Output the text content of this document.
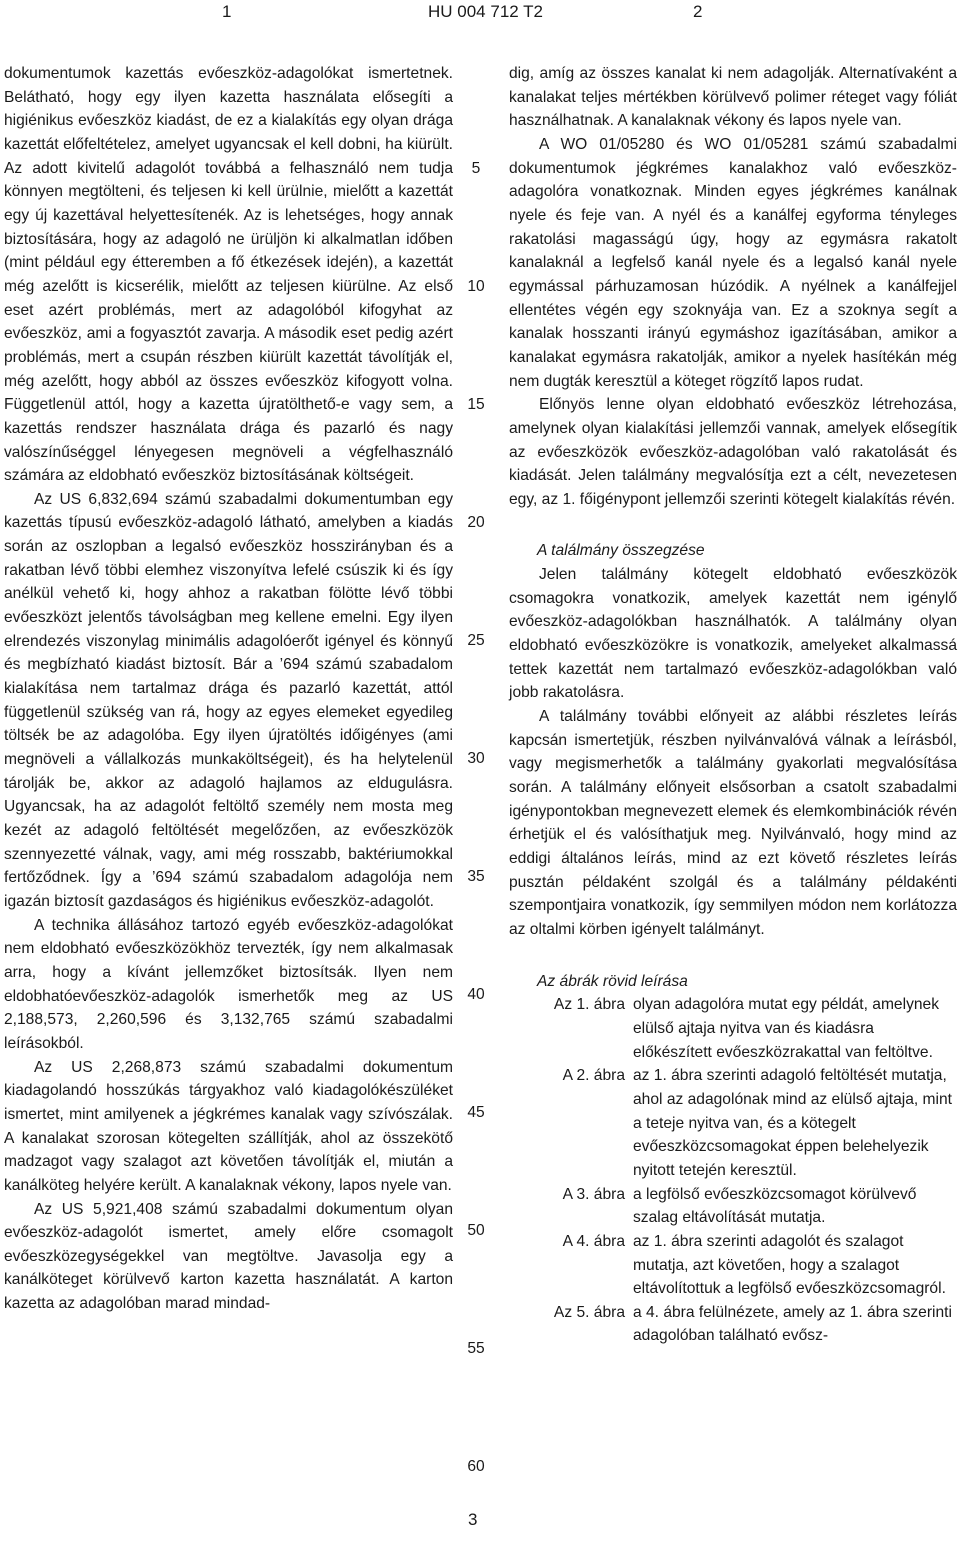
1	HU 004 712 T2	2

dokumentumok kazettás evőeszköz-adagolókat ismertetnek. Belátható, hogy egy ilyen kazetta használata elősegíti a higiénikus evőeszköz kiadást, de ez a kialakítás egy olyan drága kazettát előfeltételez, amelyet ugyancsak el kell dobni, ha kiürült. Az adott kivitelű adagolót továbbá a felhasználó nem tudja könnyen megtölteni, és teljesen ki kell ürülnie, mielőtt a kazettát egy új kazettával helyettesítenék. Az is lehetséges, hogy annak biztosítására, hogy az adagoló ne ürüljön ki alkalmatlan időben (mint például egy étteremben a fő étkezések idején), a kazettát még azelőtt is kicserélik, mielőtt az teljesen kiürülne. Az első eset azért problémás, mert az adagolóból kifogyhat az evőeszköz, ami a fogyasztót zavarja. A második eset pedig azért problémás, mert a csupán részben kiürült kazettát távolítják el, még azelőtt, hogy abból az összes evőeszköz kifogyott volna. Függetlenül attól, hogy a kazetta újratölthető-e vagy sem, a kazettás rendszer használata drága és pazarló és nagy valószínűséggel lényegesen megnöveli a végfelhasználó számára az eldobható evőeszköz biztosításának költségeit.

Az US 6,832,694 számú szabadalmi dokumentumban egy kazettás típusú evőeszköz-adagoló látható, amelyben a kiadás során az oszlopban a legalsó evőeszköz hosszirányban és a rakatban lévő többi elemhez viszonyítva lefelé csúszik ki és így anélkül vehető ki, hogy ahhoz a rakatban fölötte lévő többi evőeszközt jelentős távolságban meg kellene emelni. Egy ilyen elrendezés viszonylag minimális adagolóerőt igényel és könnyű és megbízható kiadást biztosít. Bár a ’694 számú szabadalom kialakítása nem tartalmaz drága és pazarló kazettát, attól függetlenül szükség van rá, hogy az egyes elemeket egyedileg töltsék be az adagolóba. Egy ilyen újratöltés időigényes (ami megnöveli a vállalkozás munkaköltségeit), és ha helytelenül tárolják be, akkor az adagoló hajlamos az eldugulásra. Ugyancsak, ha az adagolót feltöltő személy nem mosta meg kezét az adagoló feltöltését megelőzően, az evőeszközök szennyezetté válnak, vagy, ami még rosszabb, baktériumokkal fertőződnek. Így a ’694 számú szabadalom adagolója nem igazán biztosít gazdaságos és higiénikus evőeszköz-adagolót.

A technika állásához tartozó egyéb evőeszköz-adagolókat nem eldobható evőeszközökhöz tervezték, így nem alkalmasak arra, hogy a kívánt jellemzőket biztosítsák. Ilyen nem eldobhatóevőeszköz-adagolók ismerhetők meg az US 2,188,573, 2,260,596 és 3,132,765 számú szabadalmi leírásokból.

Az US 2,268,873 számú szabadalmi dokumentum kiadagolandó hosszúkás tárgyakhoz való kiadagolókészüléket ismertet, mint amilyenek a jégkrémes kanalak vagy szívószálak. A kanalakat szorosan kötegelten szállítják, ahol az összekötő madzagot vagy szalagot azt követően távolítják el, miután a kanálköteg helyére került. A kanalaknak vékony, lapos nyele van.

Az US 5,921,408 számú szabadalmi dokumentum olyan evőeszköz-adagolót ismertet, amely előre csomagolt evőeszközegységekkel van megtöltve. Javasolja egy a kanálköteget körülvevő karton kazetta használatát. A karton kazetta az adagolóban marad mindad-

5
10
15
20
25
30
35
40
45
50
55
60

dig, amíg az összes kanalat ki nem adagolják. Alternatívaként a kanalakat teljes mértékben körülvevő polimer réteget vagy fóliát használhatnak. A kanalaknak vékony és lapos nyele van.

A WO 01/05280 és WO 01/05281 számú szabadalmi dokumentumok jégkrémes kanalakhoz való evőeszköz-adagolóra vonatkoznak. Minden egyes jégkrémes kanálnak nyele és feje van. A nyél és a kanálfej egyforma tényleges rakatolási magasságú úgy, hogy az egymásra rakatolt kanalaknál a legfelső kanál nyele és a legalsó kanál nyele egymással párhuzamosan húzódik. A nyélnek a kanálfejjel ellentétes végén egy szoknyája van. Ez a szoknya segít a kanalak hosszanti irányú egymáshoz igazításában, amikor a kanalakat egymásra rakatolják, amikor a nyelek hasítékán még nem dugták keresztül a köteget rögzítő lapos rudat.

Előnyös lenne olyan eldobható evőeszköz létrehozása, amelynek olyan kialakítási jellemzői vannak, amelyek elősegítik az evőeszközök evőeszköz-adagolóban való rakatolását és kiadását. Jelen találmány megvalósítja ezt a célt, nevezetesen egy, az 1. főigénypont jellemzői szerinti kötegelt kialakítás révén.

A találmány összegzése

Jelen találmány kötegelt eldobható evőeszközök csomagokra vonatkozik, amelyek kazettát nem igénylő evőeszköz-adagolókban használhatók. A találmány olyan eldobható evőeszközökre is vonatkozik, amelyeket alkalmassá tettek kazettát nem tartalmazó evőeszköz-adagolókban való jobb rakatolásra.

A találmány további előnyeit az alábbi részletes leírás kapcsán ismertetjük, részben nyilvánvalóvá válnak a leírásból, vagy megismerhetők a találmány gyakorlati megvalósítása során. A találmány előnyeit elsősorban a csatolt szabadalmi igénypontokban megnevezett elemek és elemkombinációk révén érhetjük el és valósíthatjuk meg. Nyilvánvaló, hogy mind az eddigi általános leírás, mind az ezt követő részletes leírás pusztán példaként szolgál és a találmány példakénti szempontjaira vonatkozik, így semmilyen módon nem korlátozza az oltalmi körben igényelt találmányt.

Az ábrák rövid leírása
Az 1. ábra olyan adagolóra mutat egy példát, amelynek elülső ajtaja nyitva van és kiadásra előkészített evőeszközrakattal van feltöltve.
A 2. ábra az 1. ábra szerinti adagoló feltöltését mutatja, ahol az adagolónak mind az elülső ajtaja, mint a teteje nyitva van, és a kötegelt evőeszközcsomagokat éppen belehelyezik nyitott tetején keresztül.
A 3. ábra a legfölső evőeszközcsomagot körülvevő szalag eltávolítását mutatja.
A 4. ábra az 1. ábra szerinti adagolót és szalagot mutatja, azt követően, hogy a szalagot eltávolítottuk a legfölső evőeszközcsomagról.
Az 5. ábra a 4. ábra felülnézete, amely az 1. ábra szerinti adagolóban található evősz-
3
